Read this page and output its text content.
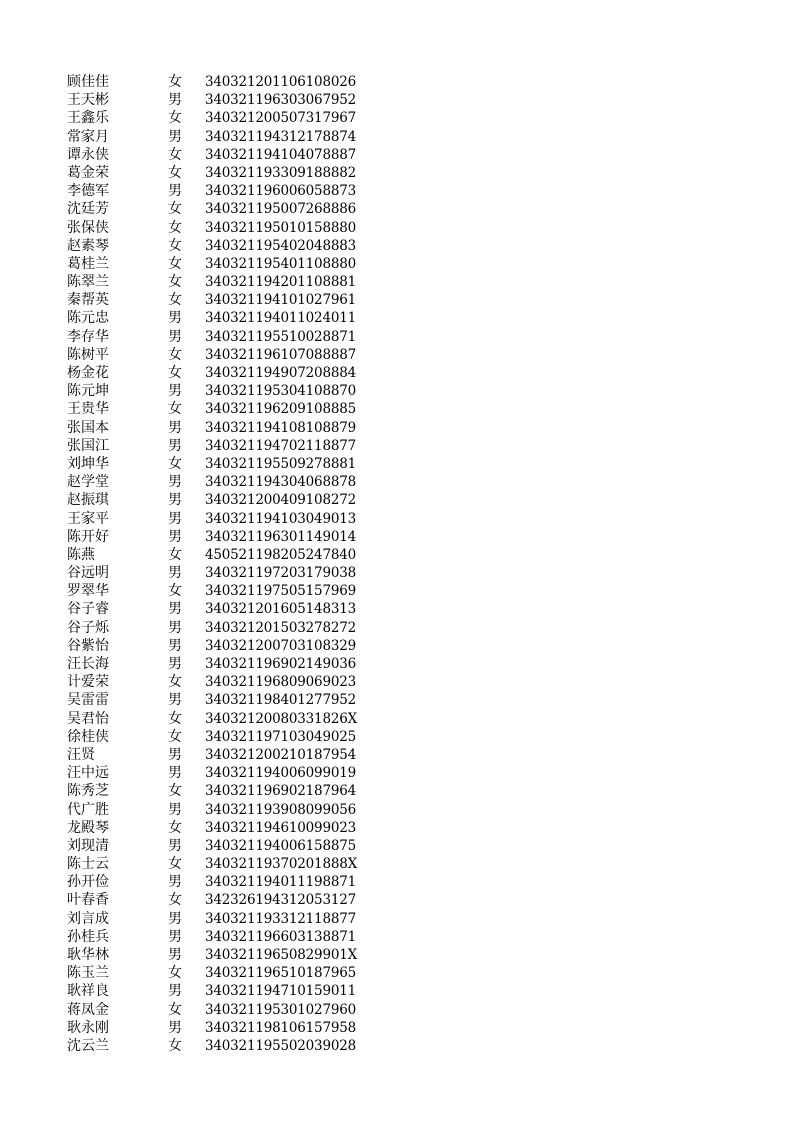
顾佳佳	女 340321201106108026
王天彬	男 340321196303067952
王鑫乐	女 340321200507317967
常家月	男 340321194312178874
谭永侠	女 340321194104078887
葛金荣	女 340321193309188882
李德军	男 340321196006058873
沈廷芳	女 340321195007268886
张保侠	女 340321195010158880
赵素琴	女 340321195402048883
葛桂兰	女 340321195401108880
陈翠兰	女 340321194201108881
秦帮英	女 340321194101027961
陈元忠	男 340321194011024011
李存华	男 340321195510028871
陈树平	女 340321196107088887
杨金花	女 340321194907208884
陈元坤	男 340321195304108870
王贵华	女 340321196209108885
张国本	男 340321194108108879
张国江	男 340321194702118877
刘坤华	女 340321195509278881
赵学堂	男 340321194304068878
赵振琪	男 340321200409108272
王家平	男 340321194103049013
陈开好	男 340321196301149014
陈燕	女 450521198205247840
谷远明	男 340321197203179038
罗翠华	女 340321197505157969
谷子睿	男 340321201605148313
谷子烁	男 340321201503278272
谷紫怡	男 340321200703108329
汪长海	男 340321196902149036
计爱荣	女 340321196809069023
吴雷雷	男 340321198401277952
吴君怡	女 34032120080331826X
徐桂侠	女 340321197103049025
汪贤	男 340321200210187954
汪中远	男 340321194006099019
陈秀芝	女 340321196902187964
代广胜	男 340321193908099056
龙殿琴	女 340321194610099023
刘现清	男 340321194006158875
陈士云	女 34032119370201888X
孙开俭	男 340321194011198871
叶春香	女 342326194312053127
刘言成	男 340321193312118877
孙桂兵	男 340321196603138871
耿华林	男 34032119650829901X
陈玉兰	女 340321196510187965
耿祥良	男 340321194710159011
蒋凤金	女 340321195301027960
耿永刚	男 340321198106157958
沈云兰	女 340321195502039028
